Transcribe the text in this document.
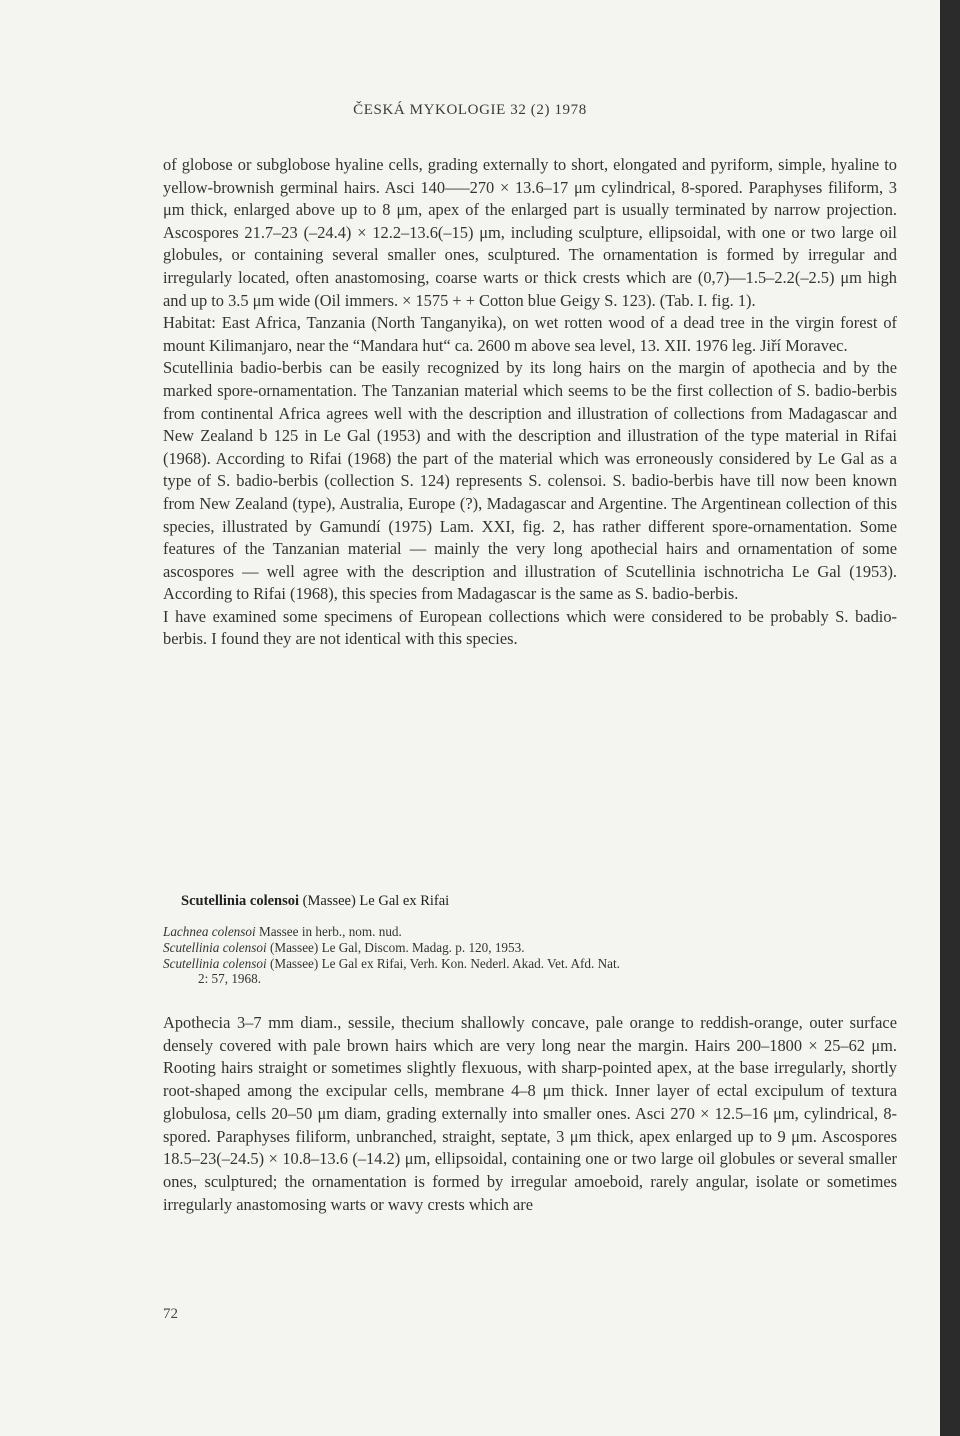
ČESKÁ MYKOLOGIE 32 (2) 1978

of globose or subglobose hyaline cells, grading externally to short, elongated and pyriform, simple, hyaline to yellow-brownish germinal hairs. Asci 140—–270 × 13.6–17 μm cylindrical, 8-spored. Paraphyses filiform, 3 μm thick, enlarged above up to 8 μm, apex of the enlarged part is usually terminated by narrow projection. Ascospores 21.7–23 (–24.4) × 12.2–13.6(–15) μm, including sculpture, ellipsoidal, with one or two large oil globules, or containing several smaller ones, sculptured. The ornamentation is formed by irregular and irregularly located, often anastomosing, coarse warts or thick crests which are (0,7)—1.5–2.2(–2.5) μm high and up to 3.5 μm wide (Oil immers. × 1575 + + Cotton blue Geigy S. 123). (Tab. I. fig. 1).

Habitat: East Africa, Tanzania (North Tanganyika), on wet rotten wood of a dead tree in the virgin forest of mount Kilimanjaro, near the “Mandara hut“ ca. 2600 m above sea level, 13. XII. 1976 leg. Jiří Moravec.

Scutellinia badio-berbis can be easily recognized by its long hairs on the margin of apothecia and by the marked spore-ornamentation. The Tanzanian material which seems to be the first collection of S. badio-berbis from continental Africa agrees well with the description and illustration of collections from Madagascar and New Zealand b 125 in Le Gal (1953) and with the description and illustration of the type material in Rifai (1968). According to Rifai (1968) the part of the material which was erroneously considered by Le Gal as a type of S. badio-berbis (collection S. 124) represents S. colensoi. S. badio-berbis have till now been known from New Zealand (type), Australia, Europe (?), Madagascar and Argentine. The Argentinean collection of this species, illustrated by Gamundí (1975) Lam. XXI, fig. 2, has rather different spore-ornamentation. Some features of the Tanzanian material — mainly the very long apothecial hairs and ornamentation of some ascospores — well agree with the description and illustration of Scutellinia ischnotricha Le Gal (1953). According to Rifai (1968), this species from Madagascar is the same as S. badio-berbis.

I have examined some specimens of European collections which were considered to be probably S. badio-berbis. I found they are not identical with this species.

Scutellinia colensoi (Massee) Le Gal ex Rifai
Lachnea colensoi Massee in herb., nom. nud.
Scutellinia colensoi (Massee) Le Gal, Discom. Madag. p. 120, 1953.
Scutellinia colensoi (Massee) Le Gal ex Rifai, Verh. Kon. Nederl. Akad. Vet. Afd. Nat.
2: 57, 1968.
Apothecia 3–7 mm diam., sessile, thecium shallowly concave, pale orange to reddish-orange, outer surface densely covered with pale brown hairs which are very long near the margin. Hairs 200–1800 × 25–62 μm. Rooting hairs straight or sometimes slightly flexuous, with sharp-pointed apex, at the base irregularly, shortly root-shaped among the excipular cells, membrane 4–8 μm thick. Inner layer of ectal excipulum of textura globulosa, cells 20–50 μm diam, grading externally into smaller ones. Asci 270 × 12.5–16 μm, cylindrical, 8-spored. Paraphyses filiform, unbranched, straight, septate, 3 μm thick, apex enlarged up to 9 μm. Ascospores 18.5–23(–24.5) × 10.8–13.6 (–14.2) μm, ellipsoidal, containing one or two large oil globules or several smaller ones, sculptured; the ornamentation is formed by irregular amoeboid, rarely angular, isolate or sometimes irregularly anastomosing warts or wavy crests which are
72
